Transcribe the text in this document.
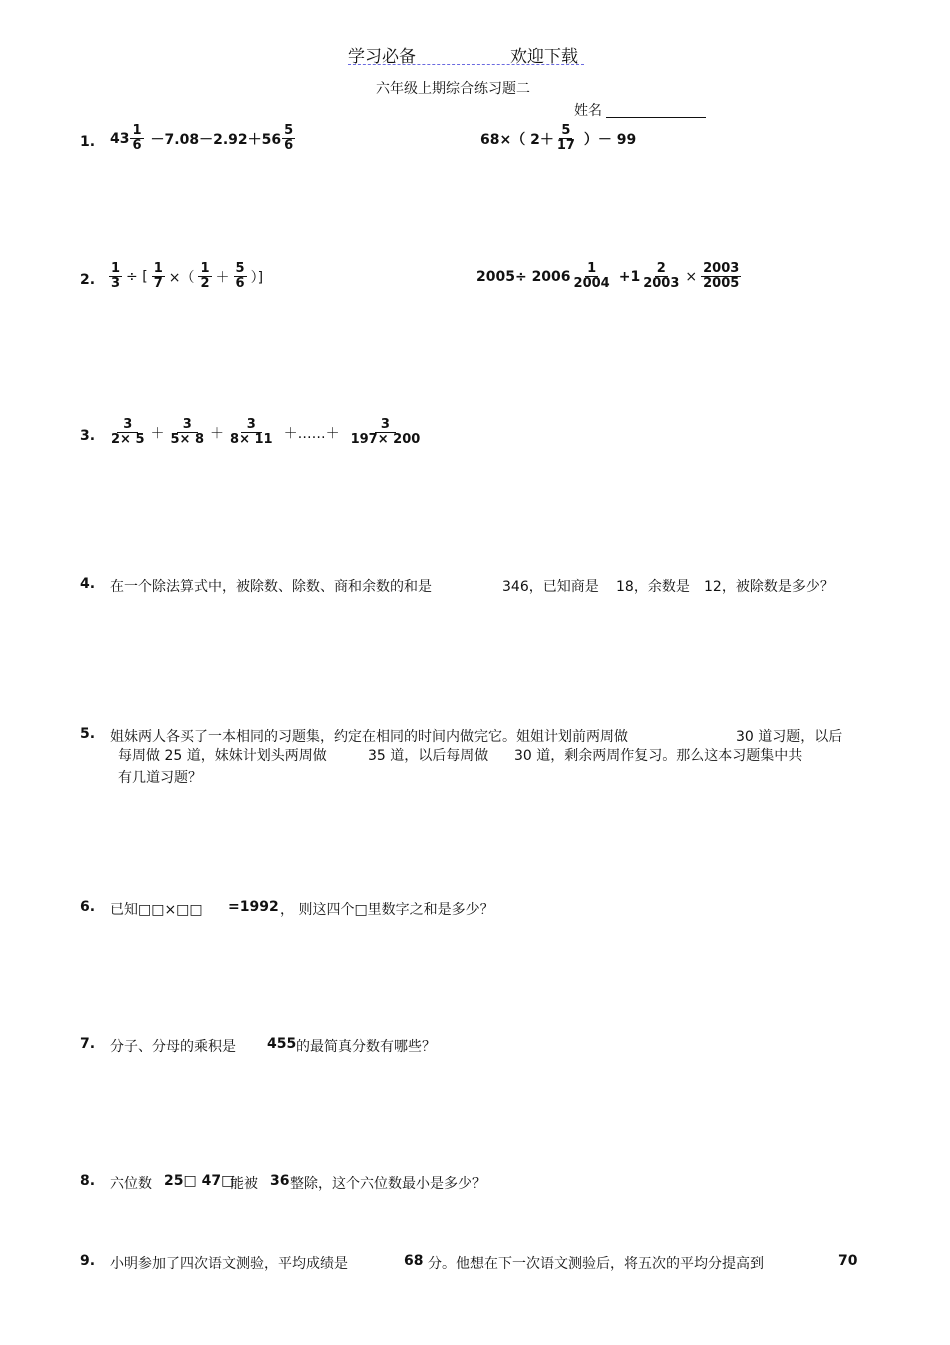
学习必备	欢迎下载
六年级上期综合练习题二
姓名
1. $43 \frac{1}{6} -7.08-2.92+56 \frac{5}{6}$	68×（ $2+ \frac{5}{17}$ ）－ 99
2. $\frac{1}{3}$ ÷ [ $\frac{1}{7}$ ×（ $\frac{1}{2} + \frac{5}{6}$ ）]	$2005\div 2006 \frac{1}{2004} +1 \frac{2}{2003} \times \frac{2003}{2005}$
3. $\frac{3}{2\times 5} + \frac{3}{5\times 8} + \frac{3}{8\times 11}$ ＋……＋ $\frac{3}{197\times 200}$
4. 在一个除法算式中，被除数、除数、商和余数的和是	346，已知商是 18，余数是 12，被除数是多少？
5. 姐妹两人各买了一本相同的习题集，约定在相同的时间内做完它。姐姐计划前两周做	30 道习题，以后
每周做 25 道，妹妹计划头两周做	35 道，以后每周做 30 道，剩余两周作复习。那么这本习题集中共
有几道习题？
6. 已知□□×□□ =1992 ， 则这四个□里数字之和是多少？
7. 分子、分母的乘积是 455 的最简真分数有哪些？
8. 六位数 25□ 47□
能被 36 整除，这个六位数最小是多少？
9. 小明参加了四次语文测验，平均成绩是	68 分。他想在下一次语文测验后，将五次的平均分提高到	70
